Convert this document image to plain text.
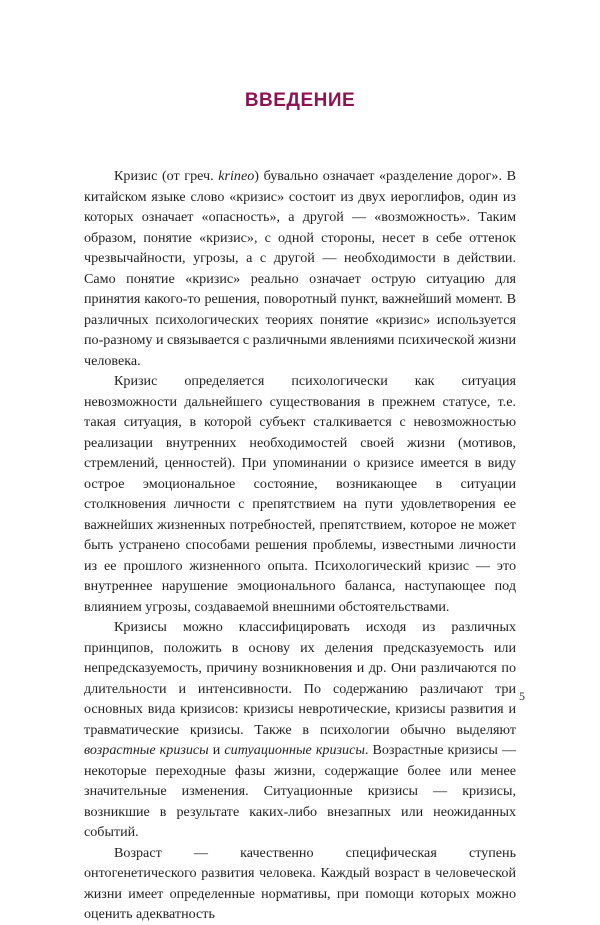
ВВЕДЕНИЕ

Кризис (от греч. krineo) бувально означает «разделение дорог». В китайском языке слово «кризис» состоит из двух иероглифов, один из которых означает «опасность», а другой — «возможность». Таким образом, понятие «кризис», с одной стороны, несет в себе оттенок чрезвычайности, угрозы, а с другой — необходимости в действии. Само понятие «кризис» реально означает острую ситуацию для принятия какого-то решения, поворотный пункт, важнейший момент. В различных психологических теориях понятие «кризис» используется по-разному и связывается с различными явлениями психической жизни человека.

Кризис определяется психологически как ситуация невозможности дальнейшего существования в прежнем статусе, т.е. такая ситуация, в которой субъект сталкивается с невозможностью реализации внутренних необходимостей своей жизни (мотивов, стремлений, ценностей). При упоминании о кризисе имеется в виду острое эмоциональное состояние, возникающее в ситуации столкновения личности с препятствием на пути удовлетворения ее важнейших жизненных потребностей, препятствием, которое не может быть устранено способами решения проблемы, известными личности из ее прошлого жизненного опыта. Психологический кризис — это внутреннее нарушение эмоционального баланса, наступающее под влиянием угрозы, создаваемой внешними обстоятельствами.

Кризисы можно классифицировать исходя из различных принципов, положить в основу их деления предсказуемость или непредсказуемость, причину возникновения и др. Они различаются по длительности и интенсивности. По содержанию различают три основных вида кризисов: кризисы невротические, кризисы развития и травматические кризисы. Также в психологии обычно выделяют возрастные кризисы и ситуационные кризисы. Возрастные кризисы — некоторые переходные фазы жизни, содержащие более или менее значительные изменения. Ситуационные кризисы — кризисы, возникшие в результате каких-либо внезапных или неожиданных событий.

Возраст — качественно специфическая ступень онтогенетического развития человека. Каждый возраст в человеческой жизни имеет определенные нормативы, при помощи которых можно оценить адекватность

5
